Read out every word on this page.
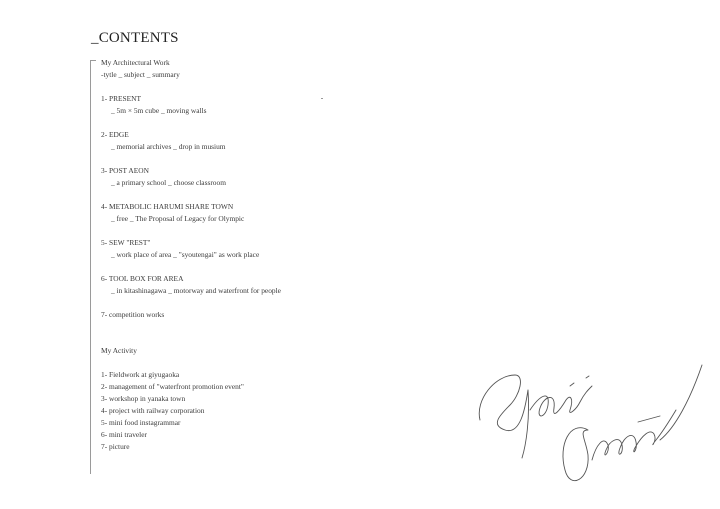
_CONTENTS
My Architectural Work
-tytle _ subject _ summary
1- PRESENT
_ 5m × 5m cube _ moving walls
2- EDGE
_ memorial archives _ drop in musium
3- POST AEON
_ a primary school _ choose classroom
4- METABOLIC HARUMI SHARE TOWN
_ free _ The Proposal of Legacy for Olympic
5- SEW "REST"
_ work place of area _ "syoutengai" as work place
6- TOOL BOX FOR AREA
_ in kitashinagawa _ motorway and waterfront for people
7- competition works
My Activity
1- Fieldwork at giyugaoka
2- management of "waterfront promotion event"
3- workshop in yanaka town
4- project with railway corporation
5- mini food instagrammar
6- mini traveler
7- picture
